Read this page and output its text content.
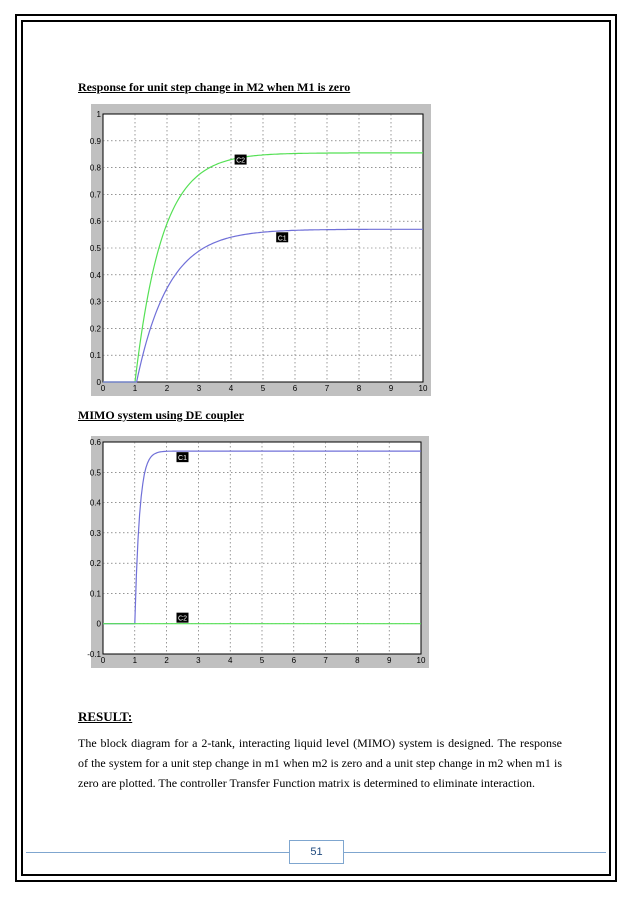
Response for unit step change in M2 when M1 is zero
0	1	2	3	4	5	6	7	8	9	10
0
0.1
0.2
0.3
0.4
0.5
0.6
0.7
0.8
0.9
1
C2
C1
MIMO system using DE coupler
0	1	2	3	4	5	6	7	8	9	10
-0.1
0
0.1
0.2
0.3
0.4
0.5
0.6
C1
C2
RESULT:
The block diagram for a 2-tank, interacting liquid level (MIMO) system is designed. The response of the system for a unit step change in m1 when m2 is zero and a unit step change in m2 when m1 is zero are plotted. The controller Transfer Function matrix is determined to eliminate interaction.
51
